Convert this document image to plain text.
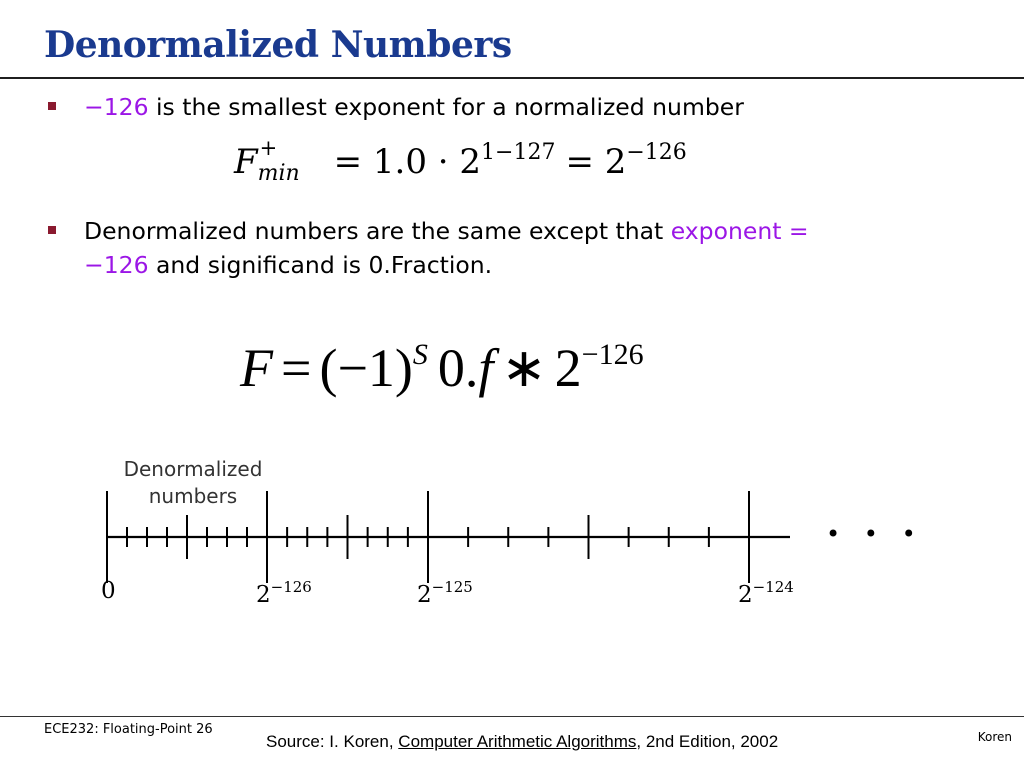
Denormalized Numbers
−126 is the smallest exponent for a normalized number
F +
$\min = 1.0 \cdot 2^{1-127} = 2^{-126}$
Denormalized numbers are the same except that exponent =
−126 and significand is 0.Fraction.
$F = (-1)^S$ 0.f ∗ $2^{-126}$
Denormalized
numbers
• • •
0	$2^{-126}$	$2^{-125}$	$2^{-124}$
ECE232: Floating-Point 26
Source: I. Koren, Computer Arithmetic Algorithms, 2nd Edition, 2002	Koren
